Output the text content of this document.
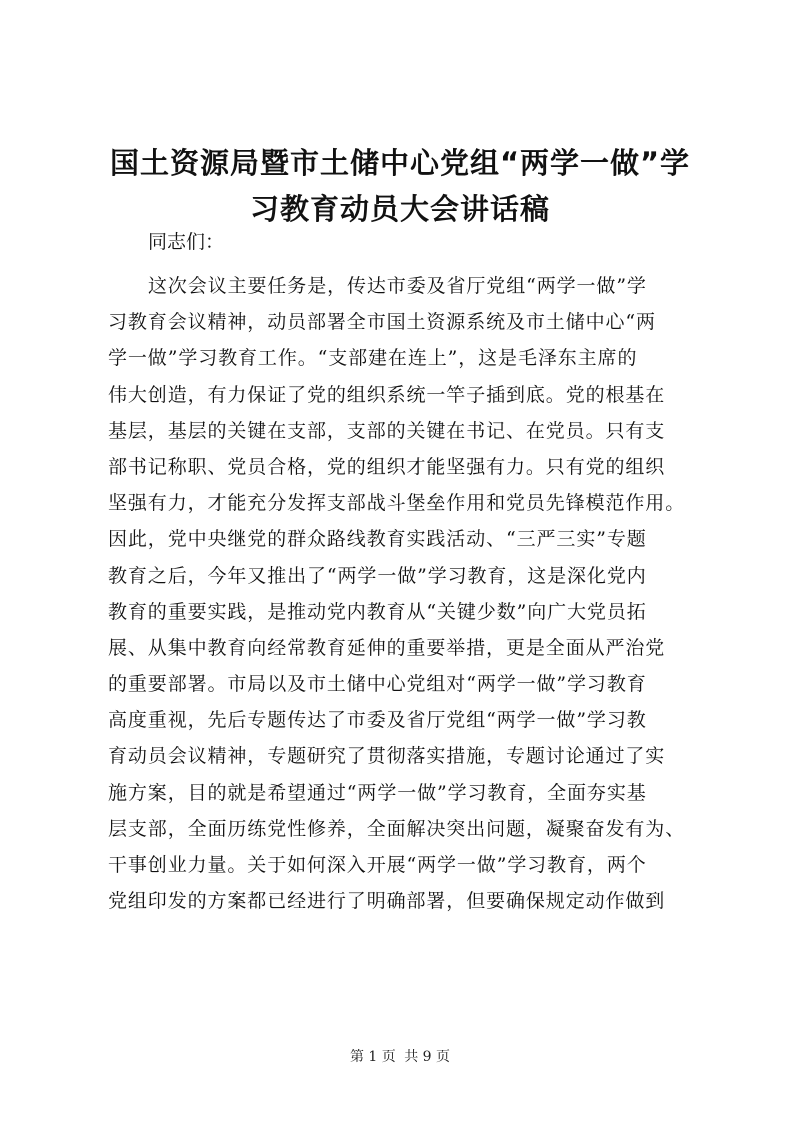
国土资源局暨市土储中心党组“两学一做”学
习教育动员大会讲话稿

同志们：

这次会议主要任务是，传达市委及省厅党组“两学一做”学
习教育会议精神，动员部署全市国土资源系统及市土储中心“两
学一做”学习教育工作。“支部建在连上”，这是毛泽东主席的
伟大创造，有力保证了党的组织系统一竿子插到底。党的根基在
基层，基层的关键在支部，支部的关键在书记、在党员。只有支
部书记称职、党员合格，党的组织才能坚强有力。只有党的组织
坚强有力，才能充分发挥支部战斗堡垒作用和党员先锋模范作用。
因此，党中央继党的群众路线教育实践活动、“三严三实”专题
教育之后，今年又推出了“两学一做”学习教育，这是深化党内
教育的重要实践，是推动党内教育从“关键少数”向广大党员拓
展、从集中教育向经常教育延伸的重要举措，更是全面从严治党
的重要部署。市局以及市土储中心党组对“两学一做”学习教育
高度重视，先后专题传达了市委及省厅党组“两学一做”学习教
育动员会议精神，专题研究了贯彻落实措施，专题讨论通过了实
施方案，目的就是希望通过“两学一做”学习教育，全面夯实基
层支部，全面历练党性修养，全面解决突出问题，凝聚奋发有为、
干事创业力量。关于如何深入开展“两学一做”学习教育，两个
党组印发的方案都已经进行了明确部署，但要确保规定动作做到
第 1 页 共 9 页
